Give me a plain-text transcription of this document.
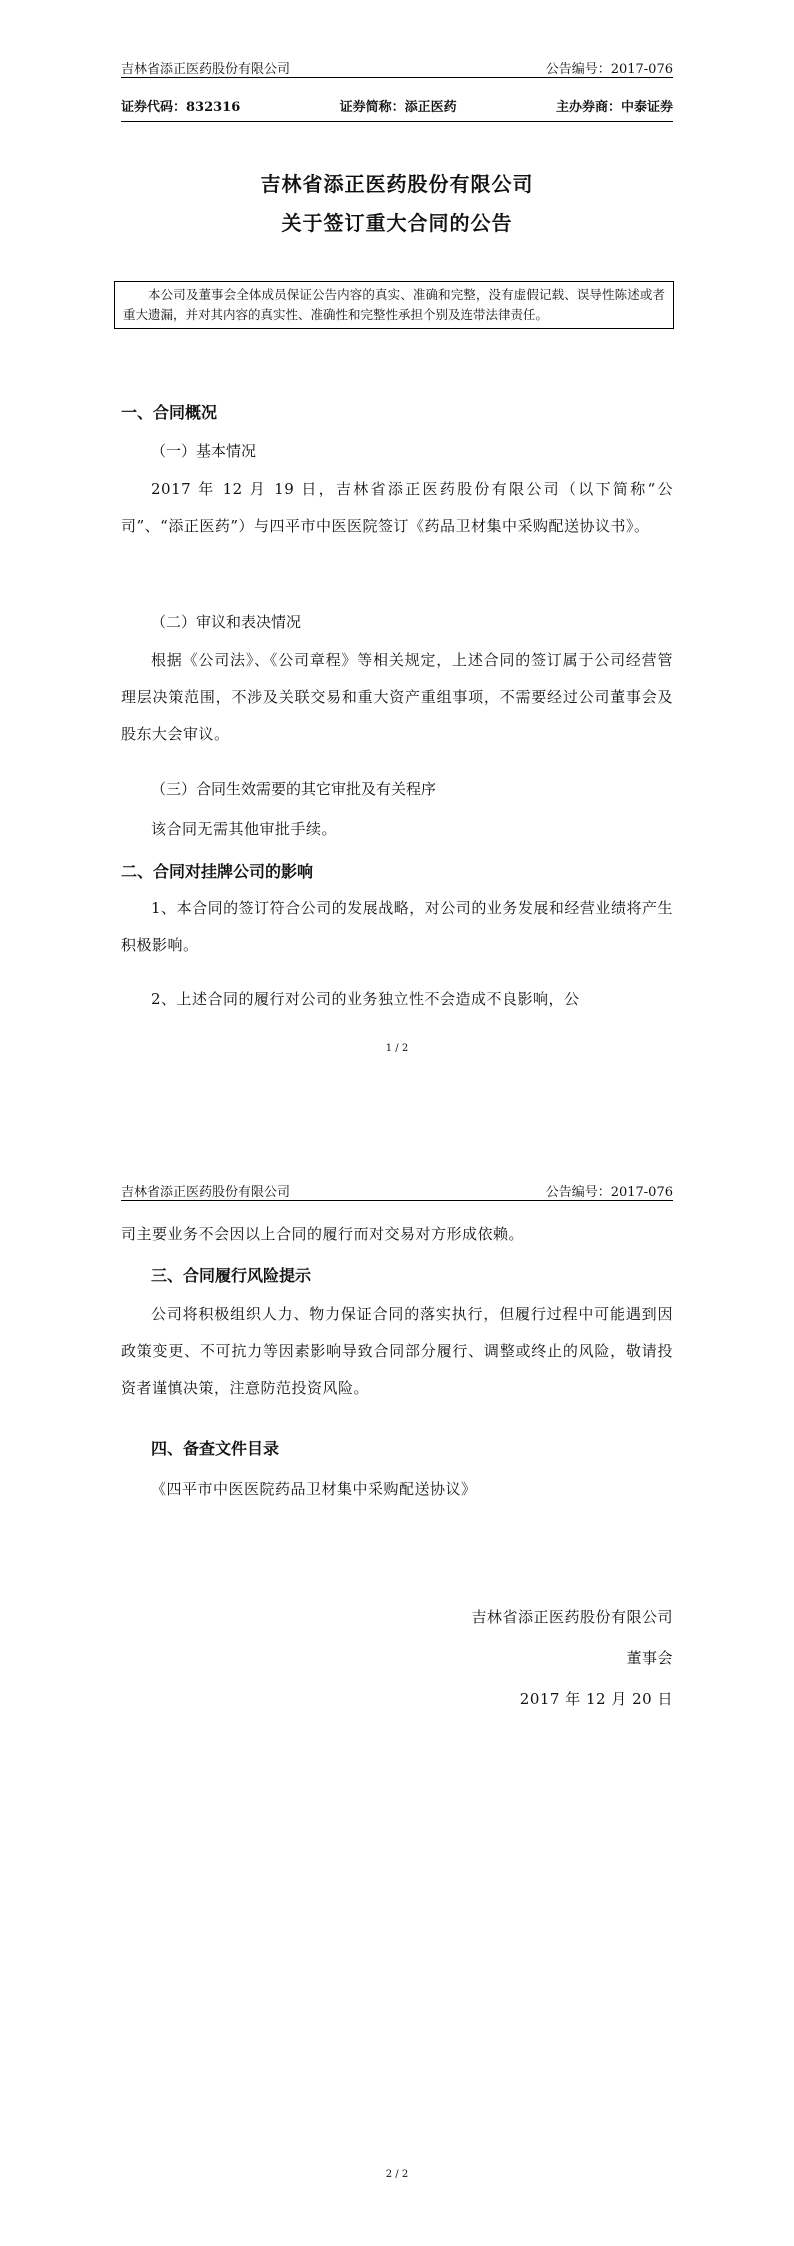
吉林省添正医药股份有限公司	公告编号：2017-076
证券代码：832316	证券简称：添正医药	主办券商：中泰证券
吉林省添正医药股份有限公司
关于签订重大合同的公告
本公司及董事会全体成员保证公告内容的真实、准确和完整，没有虚假记载、误导性陈述或者重大遗漏，并对其内容的真实性、准确性和完整性承担个别及连带法律责任。
一、合同概况
（一）基本情况
2017 年 12 月 19 日，吉林省添正医药股份有限公司（以下简称“公司”、“添正医药”）与四平市中医医院签订《药品卫材集中采购配送协议书》。
（二）审议和表决情况
根据《公司法》、《公司章程》等相关规定，上述合同的签订属于公司经营管理层决策范围，不涉及关联交易和重大资产重组事项，不需要经过公司董事会及股东大会审议。
（三）合同生效需要的其它审批及有关程序
该合同无需其他审批手续。
二、合同对挂牌公司的影响
1、本合同的签订符合公司的发展战略，对公司的业务发展和经营业绩将产生积极影响。
2、上述合同的履行对公司的业务独立性不会造成不良影响，公
1 / 2
吉林省添正医药股份有限公司	公告编号：2017-076
司主要业务不会因以上合同的履行而对交易对方形成依赖。
三、合同履行风险提示
公司将积极组织人力、物力保证合同的落实执行，但履行过程中可能遇到因政策变更、不可抗力等因素影响导致合同部分履行、调整或终止的风险，敬请投资者谨慎决策，注意防范投资风险。
四、备查文件目录
《四平市中医医院药品卫材集中采购配送协议》
吉林省添正医药股份有限公司
董事会
2017 年 12 月 20 日
2 / 2
